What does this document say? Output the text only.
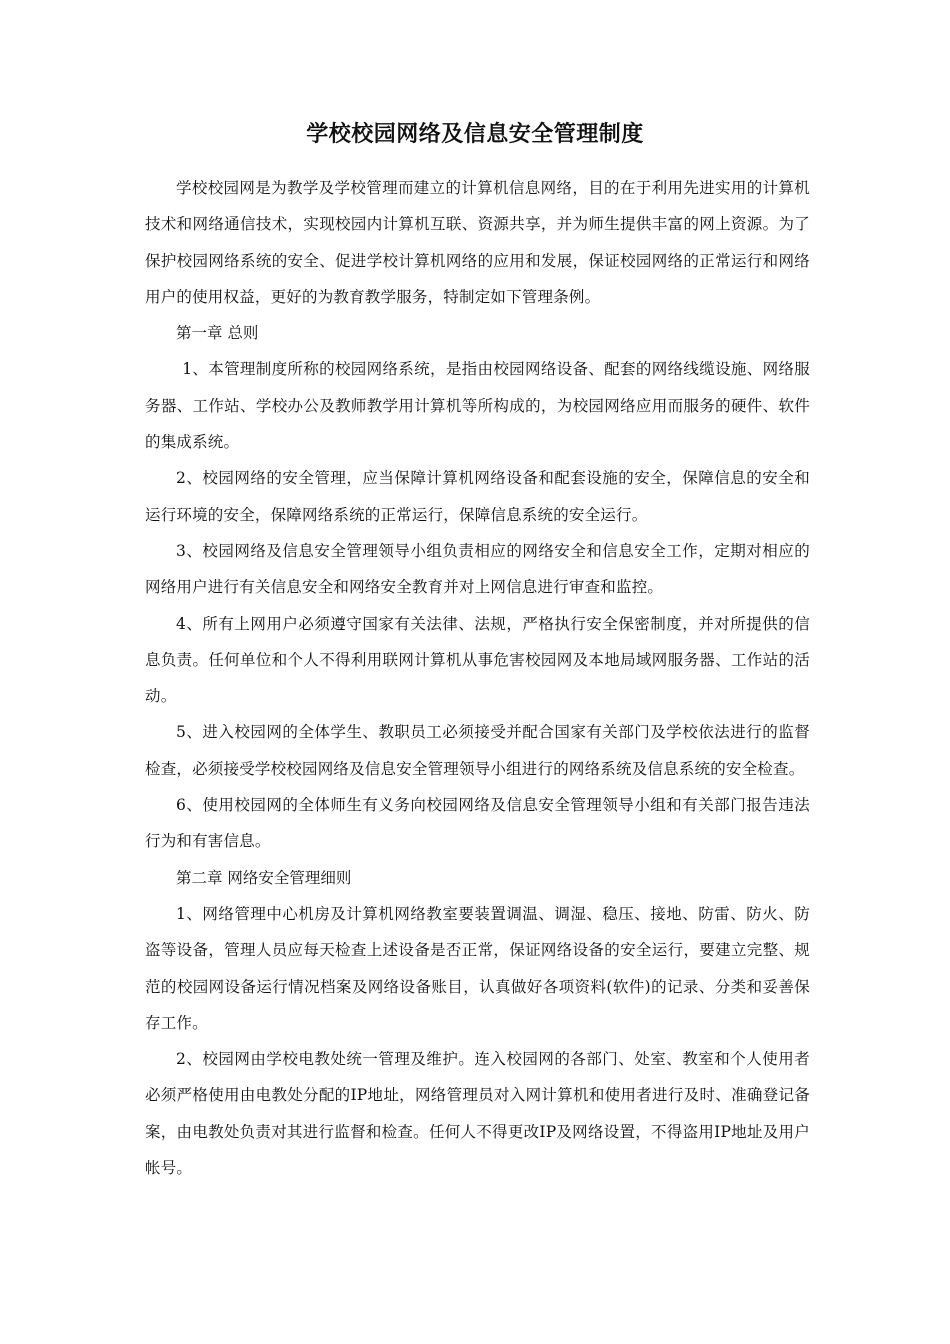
学校校园网络及信息安全管理制度

学校校园网是为教学及学校管理而建立的计算机信息网络，目的在于利用先进实用的计算机技术和网络通信技术，实现校园内计算机互联、资源共享，并为师生提供丰富的网上资源。为了保护校园网络系统的安全、促进学校计算机网络的应用和发展，保证校园网络的正常运行和网络用户的使用权益，更好的为教育教学服务，特制定如下管理条例。

第一章 总则

1、本管理制度所称的校园网络系统，是指由校园网络设备、配套的网络线缆设施、网络服务器、工作站、学校办公及教师教学用计算机等所构成的，为校园网络应用而服务的硬件、软件的集成系统。

2、校园网络的安全管理，应当保障计算机网络设备和配套设施的安全，保障信息的安全和运行环境的安全，保障网络系统的正常运行，保障信息系统的安全运行。

3、校园网络及信息安全管理领导小组负责相应的网络安全和信息安全工作，定期对相应的网络用户进行有关信息安全和网络安全教育并对上网信息进行审查和监控。

4、所有上网用户必须遵守国家有关法律、法规，严格执行安全保密制度，并对所提供的信息负责。任何单位和个人不得利用联网计算机从事危害校园网及本地局域网服务器、工作站的活动。

5、进入校园网的全体学生、教职员工必须接受并配合国家有关部门及学校依法进行的监督检查，必须接受学校校园网络及信息安全管理领导小组进行的网络系统及信息系统的安全检查。

6、使用校园网的全体师生有义务向校园网络及信息安全管理领导小组和有关部门报告违法行为和有害信息。

第二章 网络安全管理细则

1、网络管理中心机房及计算机网络教室要装置调温、调湿、稳压、接地、防雷、防火、防盗等设备，管理人员应每天检查上述设备是否正常，保证网络设备的安全运行，要建立完整、规范的校园网设备运行情况档案及网络设备账目，认真做好各项资料(软件)的记录、分类和妥善保存工作。

2、校园网由学校电教处统一管理及维护。连入校园网的各部门、处室、教室和个人使用者必须严格使用由电教处分配的IP地址，网络管理员对入网计算机和使用者进行及时、准确登记备案，由电教处负责对其进行监督和检查。任何人不得更改IP及网络设置，不得盗用IP地址及用户帐号。
